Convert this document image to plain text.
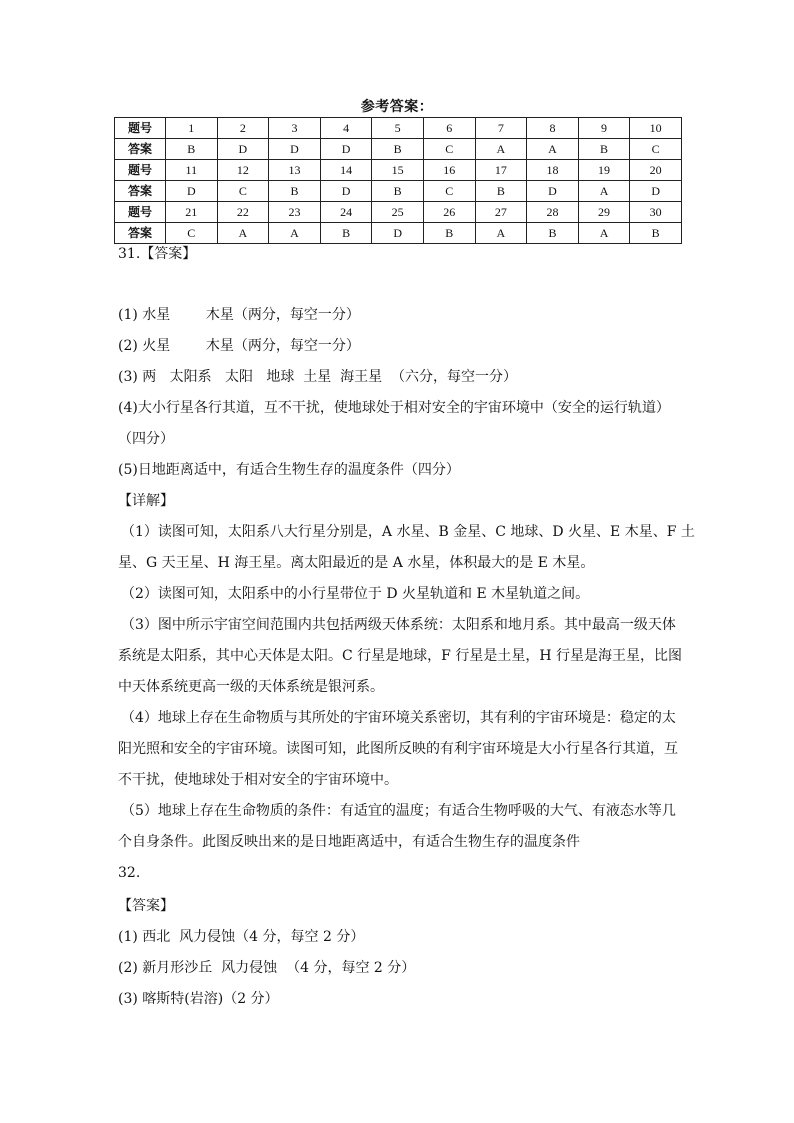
参考答案：
题号	1	2	3	4	5	6	7	8	9	10
答案	B	D	D	D	B	C	A	A	B	C
题号	11	12	13	14	15	16	17	18	19	20
答案	D	C	B	D	B	C	B	D	A	D
题号	21	22	23	24	25	26	27	28	29	30
答案	C	A	A	B	D	B	A	B	A	B
31.【答案】
(1) 水星        木星（两分，每空一分）
(2) 火星        木星（两分，每空一分）
(3) 两   太阳系   太阳   地球  土星  海王星  （六分，每空一分）
(4)大小行星各行其道，互不干扰，使地球处于相对安全的宇宙环境中（安全的运行轨道）
（四分）
(5)日地距离适中，有适合生物生存的温度条件（四分）
【详解】
（1）读图可知，太阳系八大行星分别是，A 水星、B 金星、C 地球、D 火星、E 木星、F 土
星、G 天王星、H 海王星。离太阳最近的是 A 水星，体积最大的是 E 木星。
（2）读图可知，太阳系中的小行星带位于 D 火星轨道和 E 木星轨道之间。
（3）图中所示宇宙空间范围内共包括两级天体系统：太阳系和地月系。其中最高一级天体
系统是太阳系，其中心天体是太阳。C 行星是地球，F 行星是土星，H 行星是海王星，比图
中天体系统更高一级的天体系统是银河系。
（4）地球上存在生命物质与其所处的宇宙环境关系密切，其有利的宇宙环境是：稳定的太
阳光照和安全的宇宙环境。读图可知，此图所反映的有利宇宙环境是大小行星各行其道，互
不干扰，使地球处于相对安全的宇宙环境中。
（5）地球上存在生命物质的条件：有适宜的温度；有适合生物呼吸的大气、有液态水等几
个自身条件。此图反映出来的是日地距离适中，有适合生物生存的温度条件
32.
【答案】
(1) 西北  风力侵蚀（4 分，每空 2 分）
(2) 新月形沙丘  风力侵蚀  （4 分，每空 2 分）
(3) 喀斯特(岩溶)（2 分）
